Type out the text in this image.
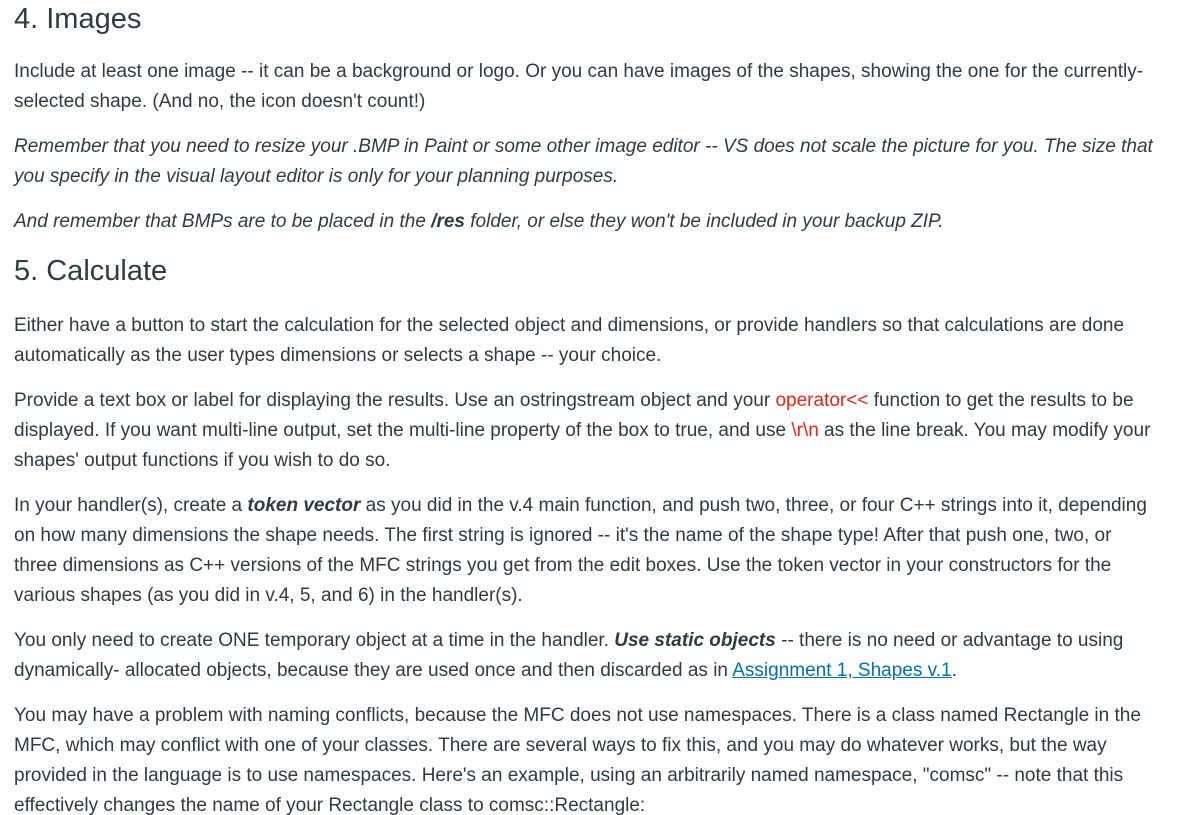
4. Images

Include at least one image -- it can be a background or logo. Or you can have images of the shapes, showing the one for the currently-selected shape. (And no, the icon doesn't count!)

Remember that you need to resize your .BMP in Paint or some other image editor -- VS does not scale the picture for you. The size that you specify in the visual layout editor is only for your planning purposes.

And remember that BMPs are to be placed in the /res folder, or else they won't be included in your backup ZIP.

5. Calculate

Either have a button to start the calculation for the selected object and dimensions, or provide handlers so that calculations are done automatically as the user types dimensions or selects a shape -- your choice.

Provide a text box or label for displaying the results. Use an ostringstream object and your operator<< function to get the results to be displayed. If you want multi-line output, set the multi-line property of the box to true, and use \r\n as the line break. You may modify your shapes' output functions if you wish to do so.

In your handler(s), create a token vector as you did in the v.4 main function, and push two, three, or four C++ strings into it, depending on how many dimensions the shape needs. The first string is ignored -- it's the name of the shape type! After that push one, two, or three dimensions as C++ versions of the MFC strings you get from the edit boxes. Use the token vector in your constructors for the various shapes (as you did in v.4, 5, and 6) in the handler(s).

You only need to create ONE temporary object at a time in the handler. Use static objects -- there is no need or advantage to using dynamically- allocated objects, because they are used once and then discarded as in Assignment 1, Shapes v.1.

You may have a problem with naming conflicts, because the MFC does not use namespaces. There is a class named Rectangle in the MFC, which may conflict with one of your classes. There are several ways to fix this, and you may do whatever works, but the way provided in the language is to use namespaces. Here's an example, using an arbitrarily named namespace, "comsc" -- note that this effectively changes the name of your Rectangle class to comsc::Rectangle:
